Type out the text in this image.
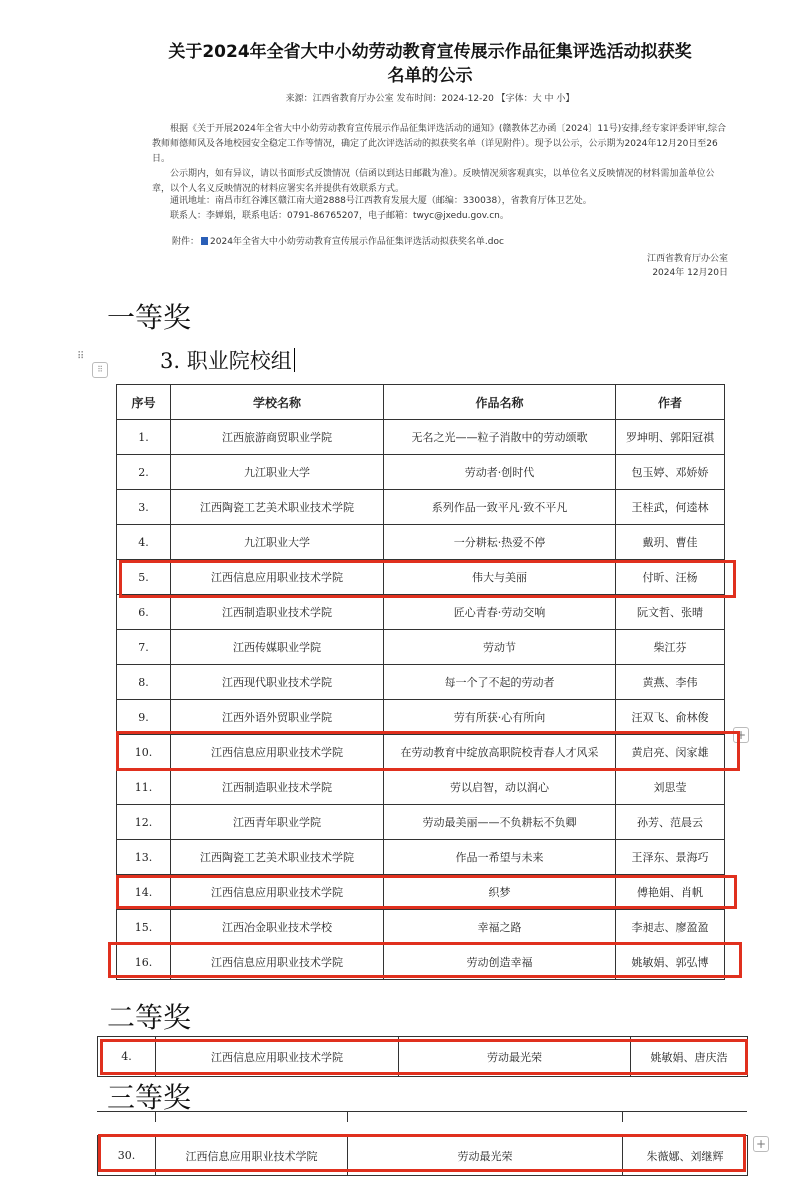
关于2024年全省大中小幼劳动教育宣传展示作品征集评选活动拟获奖
名单的公示
来源：江西省教育厅办公室 发布时间：2024-12-20 【字体：大 中 小】
根据《关于开展2024年全省大中小幼劳动教育宣传展示作品征集评选活动的通知》(赣教体艺办函〔2024〕11号)安排,经专家评委评审,综合教师师德师风及各地校园安全稳定工作等情况，确定了此次评选活动的拟获奖名单（详见附件）。现予以公示，公示期为2024年12月20日至26日。
公示期内，如有异议，请以书面形式反馈情况（信函以到达日邮戳为准）。反映情况须客观真实，以单位名义反映情况的材料需加盖单位公章，以个人名义反映情况的材料应署实名并提供有效联系方式。
通讯地址：南昌市红谷滩区赣江南大道2888号江西教育发展大厦（邮编：330038），省教育厅体卫艺处。
联系人：李婵娟，联系电话：0791-86765207，电子邮箱：twyc@jxedu.gov.cn。
附件： 2024年全省大中小幼劳动教育宣传展示作品征集评选活动拟获奖名单.doc
江西省教育厅办公室
2024年 12月20日
一等奖
⠿
⠿	3. 职业院校组
序号	学校名称	作品名称	作者
1.	江西旅游商贸职业学院	无名之光——粒子消散中的劳动颂歌	罗坤明、郭阳冠祺
2.	九江职业大学	劳动者·创时代	包玉婷、邓娇娇
3.	江西陶瓷工艺美术职业技术学院	系列作品一致平凡·致不平凡	王桂武，何逵林
4.	九江职业大学	一分耕耘·热爱不停	戴玥、曹佳
5.	江西信息应用职业技术学院	伟大与美丽	付昕、汪杨
6.	江西制造职业技术学院	匠心青春·劳动交响	阮文哲、张晴
7.	江西传媒职业学院	劳动节	柴江芬
8.	江西现代职业技术学院	每一个了不起的劳动者	黄燕、李伟
9.	江西外语外贸职业学院	劳有所获·心有所向	汪双飞、俞林俊
10.	江西信息应用职业技术学院	在劳动教育中绽放高职院校青春人才风采	黄启亮、闵家雄
11.	江西制造职业技术学院	劳以启智，动以润心	刘思莹
12.	江西青年职业学院	劳动最美丽——不负耕耘不负卿	孙芳、范晨云
13.	江西陶瓷工艺美术职业技术学院	作品一希望与未来	王泽东、景海巧
14.	江西信息应用职业技术学院	织梦	傅艳娟、肖帆
15.	江西冶金职业技术学校	幸福之路	李昶志、廖盈盈
16.	江西信息应用职业技术学院	劳动创造幸福	姚敏娟、郭弘博
+
二等奖
4.	江西信息应用职业技术学院	劳动最光荣	姚敏娟、唐庆浩
三等奖
30.	江西信息应用职业技术学院	劳动最光荣	朱薇娜、刘继辉
+
